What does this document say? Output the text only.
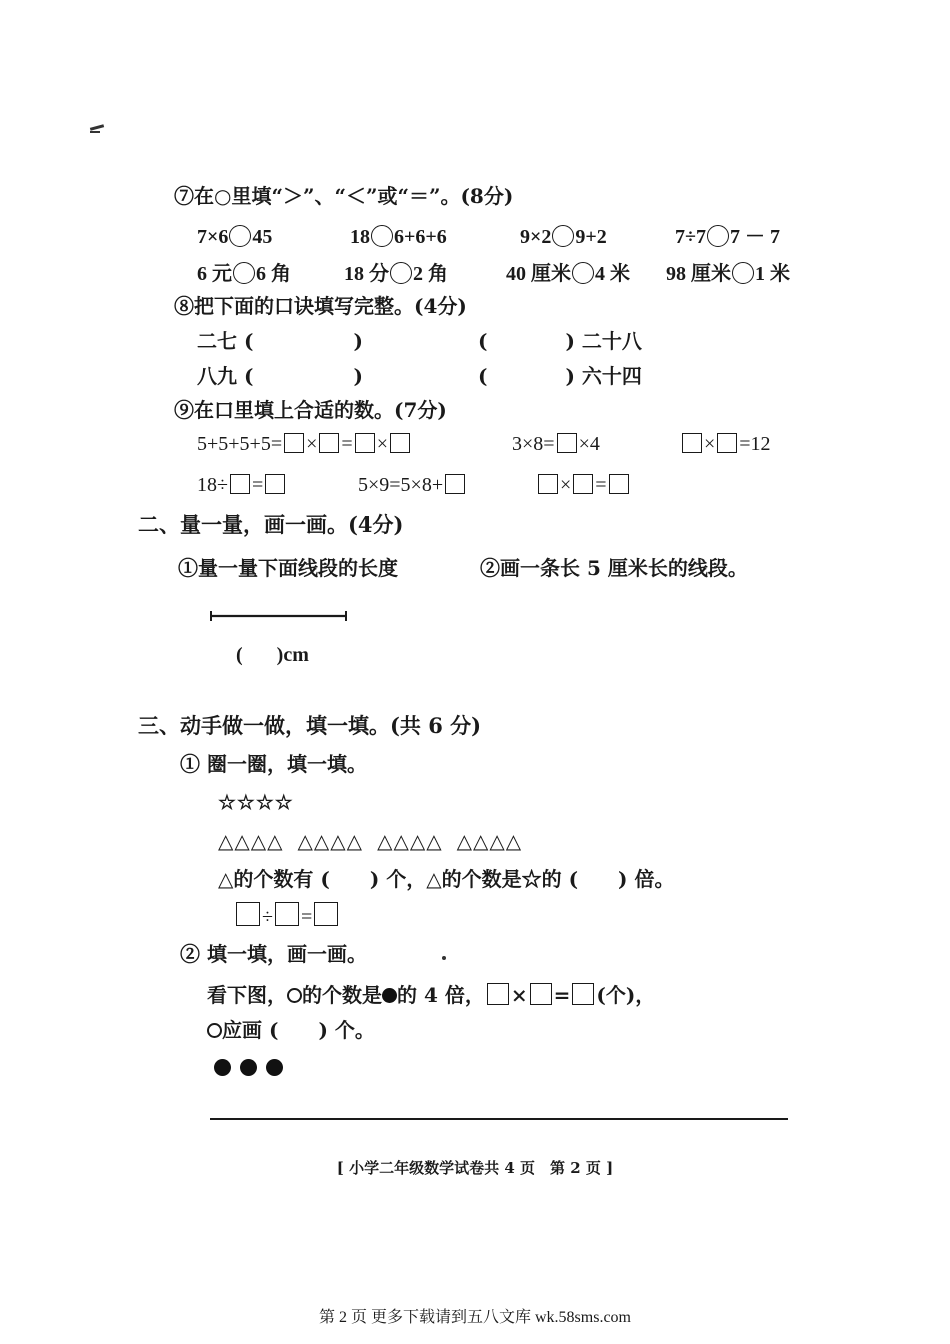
⑦在○里填“＞”、“＜”或“＝”。(8分)
7×6 45	18 6+6+6	9×2 9+2	7÷7 7 － 7
6 元 6 角	18 分 2 角	40 厘米 4 米 98 厘米 1 米
⑧把下面的口诀填写完整。(4分)
二七 (	)	(	) 二十八
八九 (	)	(	) 六十四
⑨在口里填上合适的数。(7分)
5+5+5+5= × = ×	3×8= ×4	× =12
18÷ =	5×9=5×8+	× =
二、量一量，画一画。(4分)
①量一量下面线段的长度	②画一条长 5 厘米长的线段。
( )cm
三、动手做一做，填一填。(共 6 分)
① 圈一圈，填一填。
☆☆☆☆
△△△△ △△△△ △△△△ △△△△
△的个数有 ( ) 个，△的个数是☆的 ( ) 倍。
÷ =
② 填一填，画一画。
看下图， 的个数是 的 4 倍， × = (个)，
应画 ( ) 个。
[ 小学二年级数学试卷共 4 页　第 2 页 ]
第 2 页 更多下载请到五八文库 wk.58sms.com
